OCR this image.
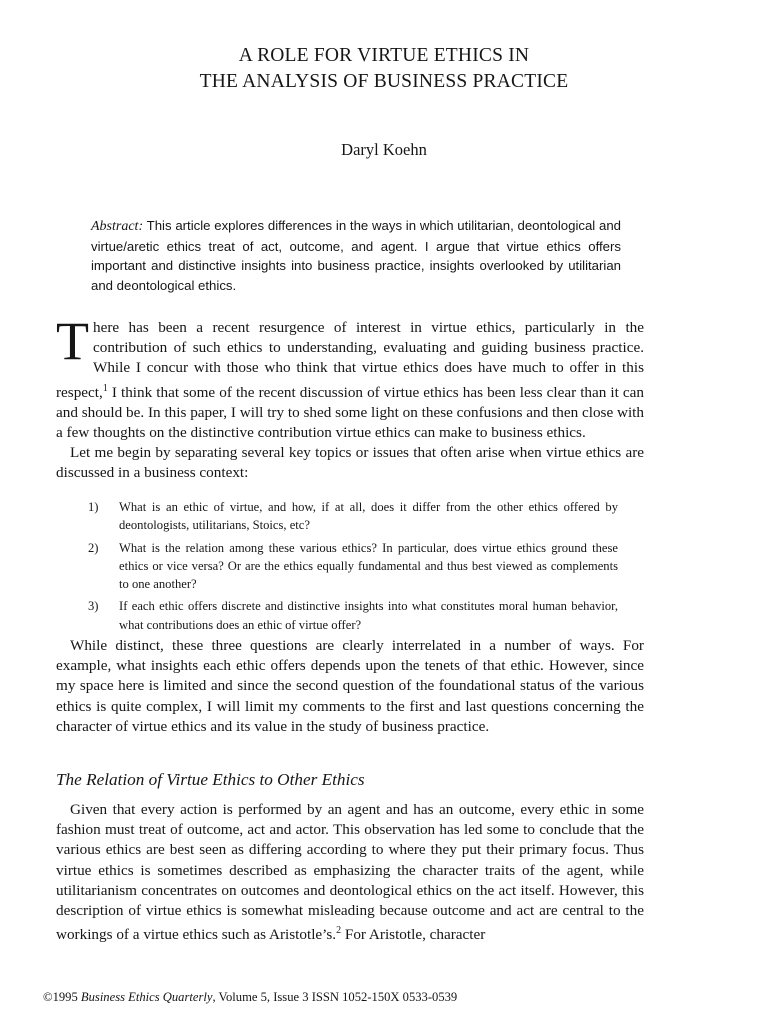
A ROLE FOR VIRTUE ETHICS IN
THE ANALYSIS OF BUSINESS PRACTICE
Daryl Koehn
Abstract: This article explores differences in the ways in which utilitarian, deontological and virtue/aretic ethics treat of act, outcome, and agent. I argue that virtue ethics offers important and distinctive insights into business practice, insights overlooked by utilitarian and deontological ethics.

There has been a recent resurgence of interest in virtue ethics, particularly in the contribution of such ethics to understanding, evaluating and guiding business practice. While I concur with those who think that virtue ethics does have much to offer in this respect,$^1$ I think that some of the recent discussion of virtue ethics has been less clear than it can and should be. In this paper, I will try to shed some light on these confusions and then close with a few thoughts on the distinctive contribution virtue ethics can make to business ethics.

Let me begin by separating several key topics or issues that often arise when virtue ethics are discussed in a business context:

1) What is an ethic of virtue, and how, if at all, does it differ from the other ethics offered by deontologists, utilitarians, Stoics, etc?
2) What is the relation among these various ethics? In particular, does virtue ethics ground these ethics or vice versa? Or are the ethics equally fundamental and thus best viewed as complements to one another?
3) If each ethic offers discrete and distinctive insights into what constitutes moral human behavior, what contributions does an ethic of virtue offer?

While distinct, these three questions are clearly interrelated in a number of ways. For example, what insights each ethic offers depends upon the tenets of that ethic. However, since my space here is limited and since the second question of the foundational status of the various ethics is quite complex, I will limit my comments to the first and last questions concerning the character of virtue ethics and its value in the study of business practice.

The Relation of Virtue Ethics to Other Ethics

Given that every action is performed by an agent and has an outcome, every ethic in some fashion must treat of outcome, act and actor. This observation has led some to conclude that the various ethics are best seen as differing according to where they put their primary focus. Thus virtue ethics is sometimes described as emphasizing the character traits of the agent, while utilitarianism concentrates on outcomes and deontological ethics on the act itself. However, this description of virtue ethics is somewhat misleading because outcome and act are central to the workings of a virtue ethics such as Aristotle’s.$^2$ For Aristotle, character

©1995 Business Ethics Quarterly, Volume 5, Issue 3 ISSN 1052-150X 0533-0539
